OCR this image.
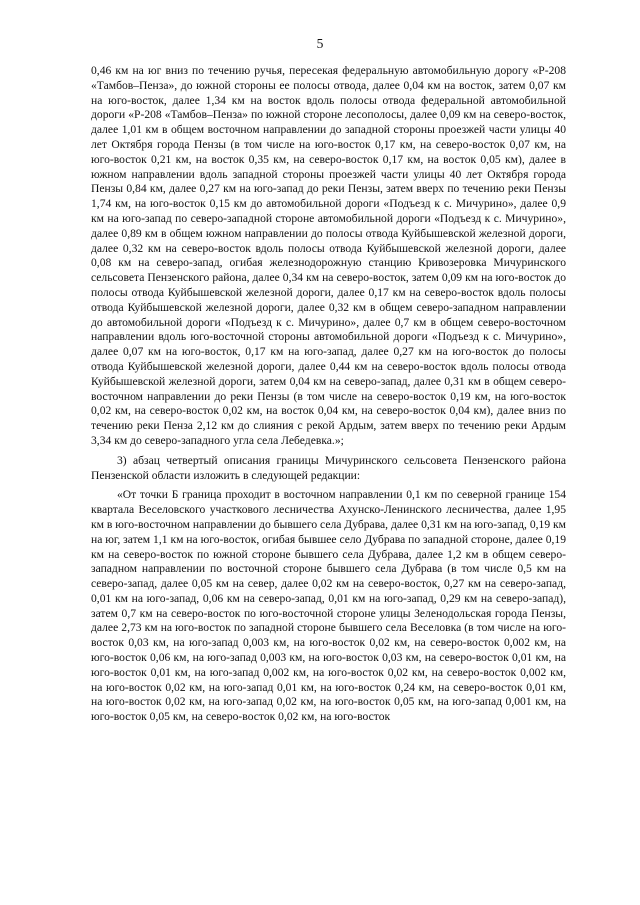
5

0,46 км на юг вниз по течению ручья, пересекая федеральную автомобильную дорогу «Р-208 «Тамбов–Пенза», до южной стороны ее полосы отвода, далее 0,04 км на восток, затем 0,07 км на юго-восток, далее 1,34 км на восток вдоль полосы отвода федеральной автомобильной дороги «Р-208 «Тамбов–Пенза» по южной стороне лесополосы, далее 0,09 км на северо-восток, далее 1,01 км в общем восточном направлении до западной стороны проезжей части улицы 40 лет Октября города Пензы (в том числе на юго-восток 0,17 км, на северо-восток 0,07 км, на юго-восток 0,21 км, на восток 0,35 км, на северо-восток 0,17 км, на восток 0,05 км), далее в южном направлении вдоль западной стороны проезжей части улицы 40 лет Октября города Пензы 0,84 км, далее 0,27 км на юго-запад до реки Пензы, затем вверх по течению реки Пензы 1,74 км, на юго-восток 0,15 км до автомобильной дороги «Подъезд к с. Мичурино», далее 0,9 км на юго-запад по северо-западной стороне автомобильной дороги «Подъезд к с. Мичурино», далее 0,89 км в общем южном направлении до полосы отвода Куйбышевской железной дороги, далее 0,32 км на северо-восток вдоль полосы отвода Куйбышевской железной дороги, далее 0,08 км на северо-запад, огибая железнодорожную станцию Кривозеровка Мичуринского сельсовета Пензенского района, далее 0,34 км на северо-восток, затем 0,09 км на юго-восток до полосы отвода Куйбышевской железной дороги, далее 0,17 км на северо-восток вдоль полосы отвода Куйбышевской железной дороги, далее 0,32 км в общем северо-западном направлении до автомобильной дороги «Подъезд к с. Мичурино», далее 0,7 км в общем северо-восточном направлении вдоль юго-восточной стороны автомобильной дороги «Подъезд к с. Мичурино», далее 0,07 км на юго-восток, 0,17 км на юго-запад, далее 0,27 км на юго-восток до полосы отвода Куйбышевской железной дороги, далее 0,44 км на северо-восток вдоль полосы отвода Куйбышевской железной дороги, затем 0,04 км на северо-запад, далее 0,31 км в общем северо-восточном направлении до реки Пензы (в том числе на северо-восток 0,19 км, на юго-восток 0,02 км, на северо-восток 0,02 км, на восток 0,04 км, на северо-восток 0,04 км), далее вниз по течению реки Пенза 2,12 км до слияния с рекой Ардым, затем вверх по течению реки Ардым 3,34 км до северо-западного угла села Лебедевка.»;

3) абзац четвертый описания границы Мичуринского сельсовета Пензенского района Пензенской области изложить в следующей редакции:

«От точки Б граница проходит в восточном направлении 0,1 км по северной границе 154 квартала Веселовского участкового лесничества Ахунско-Ленинского лесничества, далее 1,95 км в юго-восточном направлении до бывшего села Дубрава, далее 0,31 км на юго-запад, 0,19 км на юг, затем 1,1 км на юго-восток, огибая бывшее село Дубрава по западной стороне, далее 0,19 км на северо-восток по южной стороне бывшего села Дубрава, далее 1,2 км в общем северо-западном направлении по восточной стороне бывшего села Дубрава (в том числе 0,5 км на северо-запад, далее 0,05 км на север, далее 0,02 км на северо-восток, 0,27 км на северо-запад, 0,01 км на юго-запад, 0,06 км на северо-запад, 0,01 км на юго-запад, 0,29 км на северо-запад), затем 0,7 км на северо-восток по юго-восточной стороне улицы Зеленодольская города Пензы, далее 2,73 км на юго-восток по западной стороне бывшего села Веселовка (в том числе на юго-восток 0,03 км, на юго-запад 0,003 км, на юго-восток 0,02 км, на северо-восток 0,002 км, на юго-восток 0,06 км, на юго-запад 0,003 км, на юго-восток 0,03 км, на северо-восток 0,01 км, на юго-восток 0,01 км, на юго-запад 0,002 км, на юго-восток 0,02 км, на северо-восток 0,002 км, на юго-восток 0,02 км, на юго-запад 0,01 км, на юго-восток 0,24 км, на северо-восток 0,01 км, на юго-восток 0,02 км, на юго-запад 0,02 км, на юго-восток 0,05 км, на юго-запад 0,001 км, на юго-восток 0,05 км, на северо-восток 0,02 км, на юго-восток
